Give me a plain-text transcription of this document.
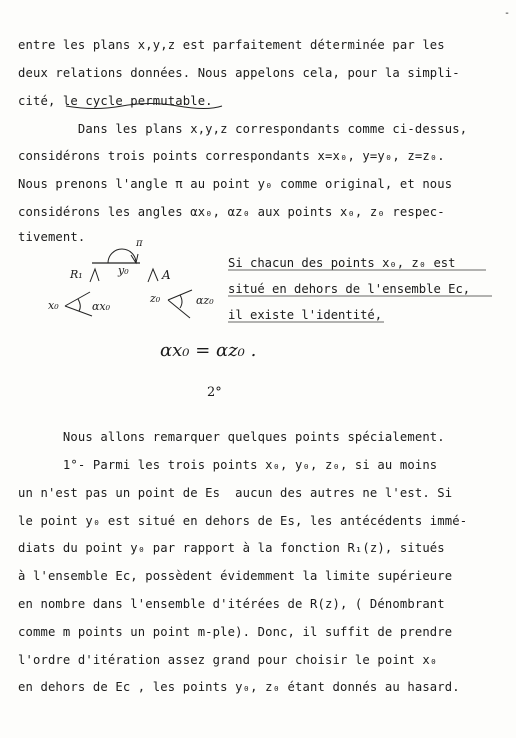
-
entre les plans x,y,z est parfaitement déterminée par les
deux relations données. Nous appelons cela, pour la simpli-
cité, le cycle permutable.
Dans les plans x,y,z correspondants comme ci-dessus,
considérons trois points correspondants x=x₀, y=y₀, z=z₀.
Nous prenons l'angle π au point y₀ comme original, et nous
considérons les angles αx₀, αz₀ aux points x₀, z₀ respec-
tivement.	π
y₀
R₁	A
x₀	αx₀
z₀	αz₀
Si chacun des points x₀, z₀ est
situé en dehors de l'ensemble Ec,
il existe l'identité,
αx₀ = αz₀ .
2°
Nous allons remarquer quelques points spécialement.
1°- Parmi les trois points x₀, y₀, z₀, si au moins
un n'est pas un point de Es  aucun des autres ne l'est. Si
le point y₀ est situé en dehors de Es, les antécédents immé-
diats du point y₀ par rapport à la fonction R₁(z), situés
à l'ensemble Ec, possèdent évidemment la limite supérieure
en nombre dans l'ensemble d'itérées de R(z), ( Dénombrant
comme m points un point m-ple). Donc, il suffit de prendre
l'ordre d'itération assez grand pour choisir le point x₀
en dehors de Ec , les points y₀, z₀ étant donnés au hasard.
